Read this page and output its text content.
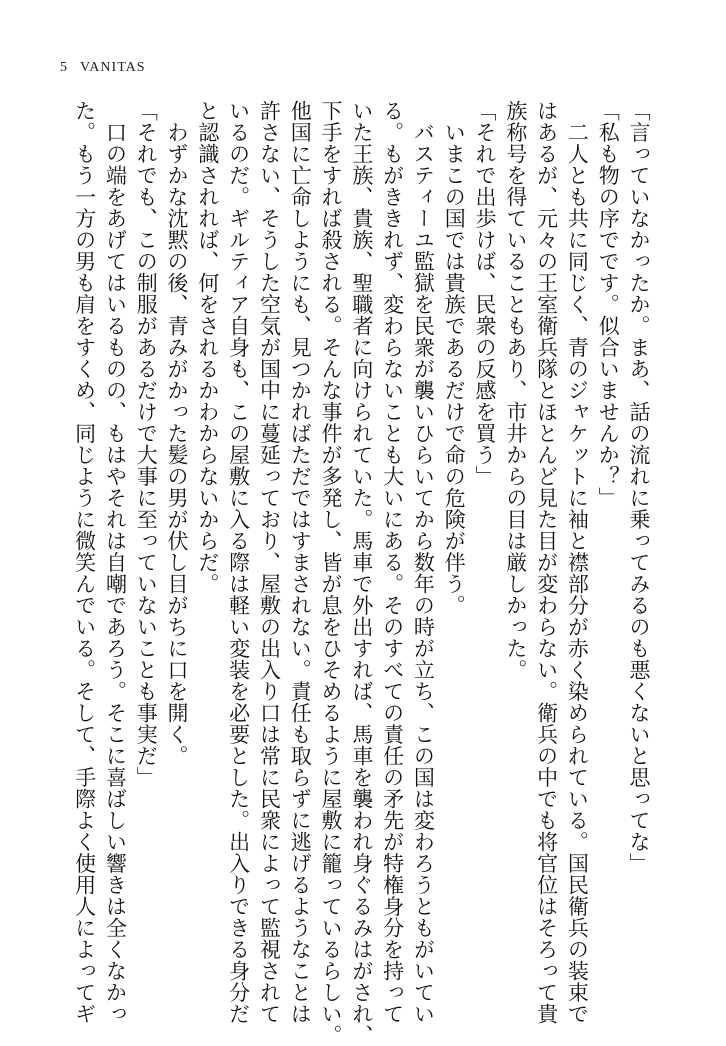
5 VANITAS
「言っていなかったか。まあ、話の流れに乗ってみるのも悪くないと思ってな」
「私も物の序でです。似合いませんか？」
　二人とも共に同じく、青のジャケットに袖と襟部分が赤く染められている。国民衛兵の装束で
はあるが、元々の王室衛兵隊とほとんど見た目が変わらない。衛兵の中でも将官位はそろって貴
族称号を得ていることもあり、市井からの目は厳しかった。
「それで出歩けば、民衆の反感を買う」
　いまこの国では貴族であるだけで命の危険が伴う。
　バスティーユ監獄を民衆が襲いひらいてから数年の時が立ち、この国は変わろうともがいてい
る。もがききれず、変わらないことも大いにある。そのすべての責任の矛先が特権身分を持って
いた王族、貴族、聖職者に向けられていた。馬車で外出すれば、馬車を襲われ身ぐるみはがされ、
下手をすれば殺される。そんな事件が多発し、皆が息をひそめるように屋敷に籠っているらしい。
他国に亡命しようにも、見つかればただではすまされない。責任も取らずに逃げるようなことは
許さない、そうした空気が国中に蔓延っており、屋敷の出入り口は常に民衆によって監視されて
いるのだ。ギルティア自身も、この屋敷に入る際は軽い変装を必要とした。出入りできる身分だ
と認識されれば、何をされるかわからないからだ。
　わずかな沈黙の後、青みがかった髪の男が伏し目がちに口を開く。
「それでも、この制服があるだけで大事に至っていないことも事実だ」
　口の端をあげてはいるものの、もはやそれは自嘲であろう。そこに喜ばしい響きは全くなかっ
た。もう一方の男も肩をすくめ、同じように微笑んでいる。そして、手際よく使用人によってギ
